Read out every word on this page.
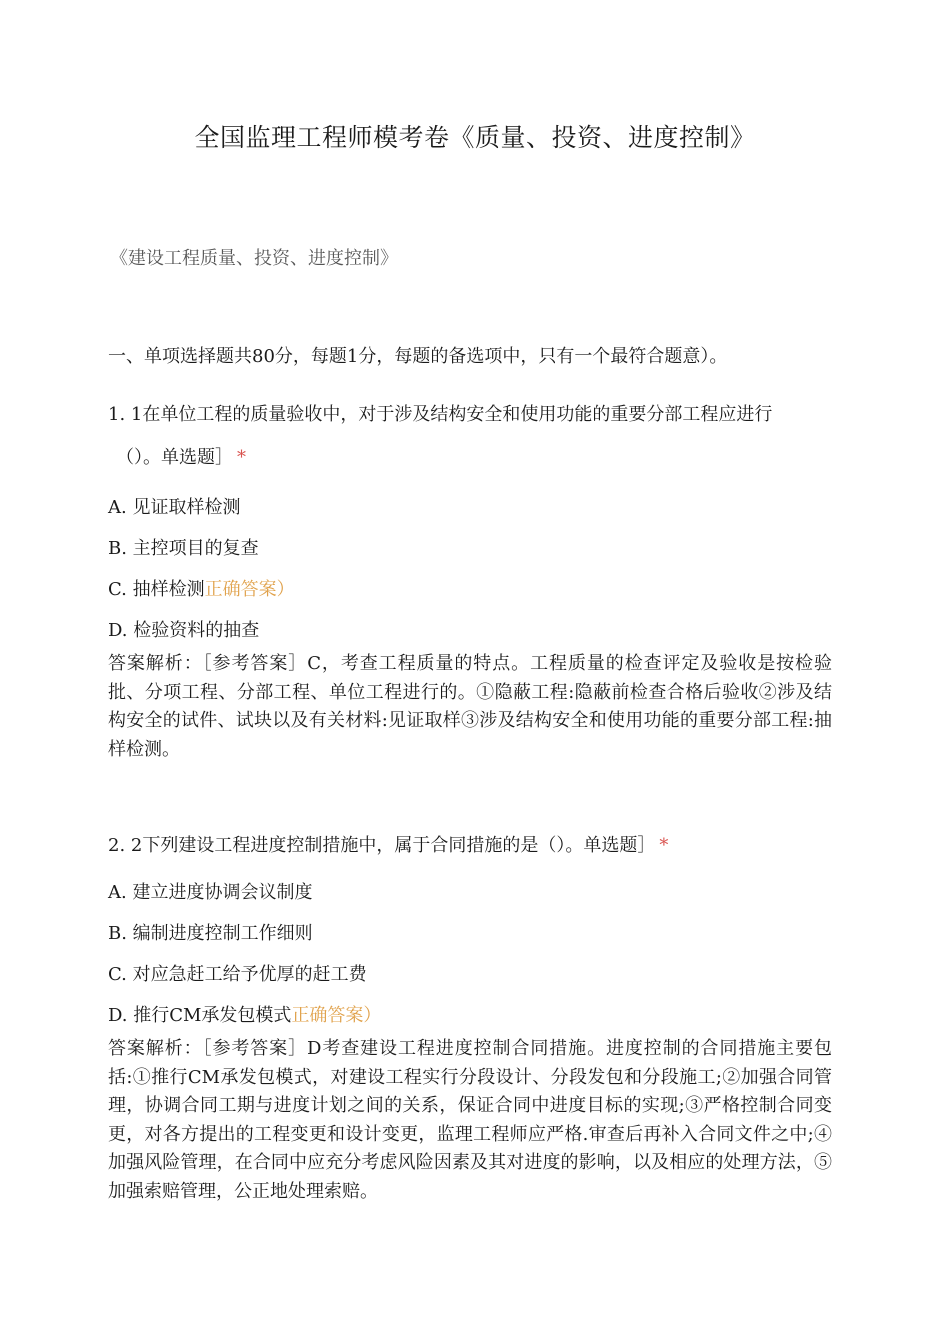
全国监理工程师模考卷《质量、投资、进度控制》
《建设工程质量、投资、进度控制》
一、单项选择题共80分，每题1分，每题的备选项中，只有一个最符合题意）。
1. 1在单位工程的质量验收中，对于涉及结构安全和使用功能的重要分部工程应进行
（）。单选题］ *
A. 见证取样检测
B. 主控项目的复查
C. 抽样检测正确答案）
D. 检验资料的抽查
答案解析：［参考答案］C，考查工程质量的特点。工程质量的检查评定及验收是按检验批、分项工程、分部工程、单位工程进行的。①隐蔽工程:隐蔽前检查合格后验收②涉及结构安全的试件、试块以及有关材料:见证取样③涉及结构安全和使用功能的重要分部工程:抽样检测。
2. 2下列建设工程进度控制措施中，属于合同措施的是（）。单选题］ *
A. 建立进度协调会议制度
B. 编制进度控制工作细则
C. 对应急赶工给予优厚的赶工费
D. 推行CM承发包模式正确答案）
答案解析：［参考答案］D考查建设工程进度控制合同措施。进度控制的合同措施主要包括:①推行CM承发包模式，对建设工程实行分段设计、分段发包和分段施工;②加强合同管理，协调合同工期与进度计划之间的关系，保证合同中进度目标的实现;③严格控制合同变更，对各方提出的工程变更和设计变更，监理工程师应严格.审查后再补入合同文件之中;④加强风险管理，在合同中应充分考虑风险因素及其对进度的影响，以及相应的处理方法，⑤加强索赔管理，公正地处理索赔。
